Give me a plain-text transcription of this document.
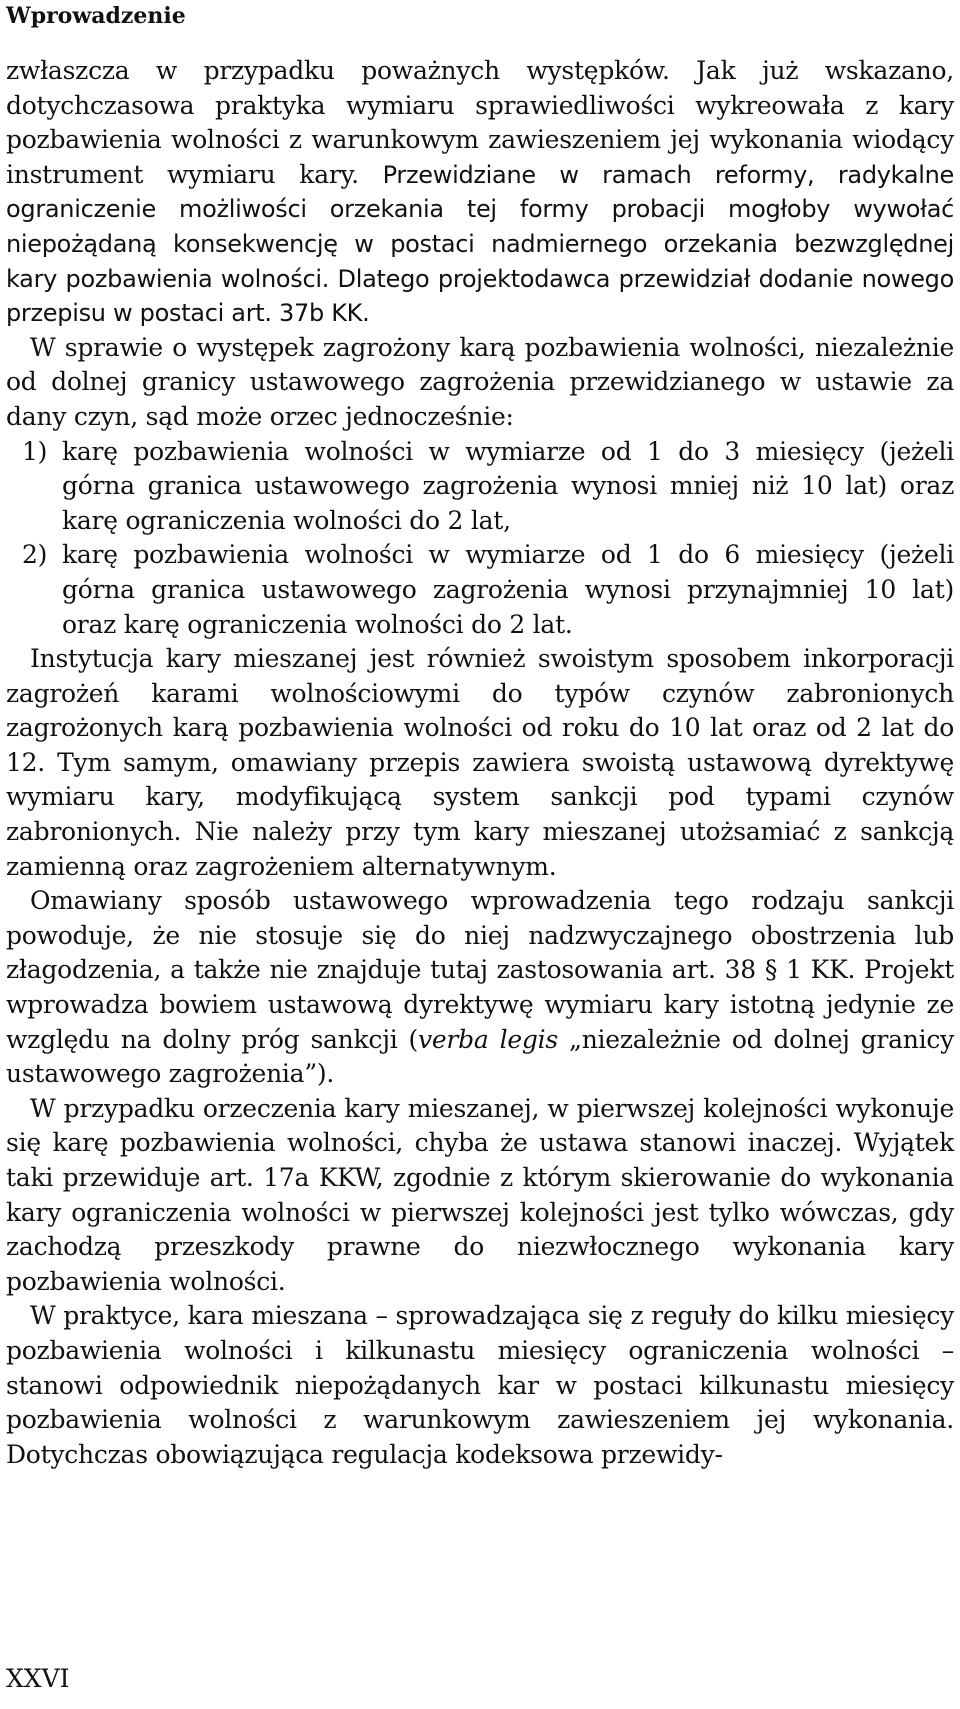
Wprowadzenie

zwłaszcza w przypadku poważnych występków. Jak już wskazano, dotychczasowa praktyka wymiaru sprawiedliwości wykreowała z kary pozbawienia wolności z warunkowym zawieszeniem jej wykonania wiodący instrument wymiaru kary. Przewidziane w ramach reformy, radykalne ograniczenie możliwości orzekania tej formy probacji mogłoby wywołać niepożądaną konsekwencję w postaci nadmiernego orzekania bezwzględnej kary pozbawienia wolności. Dlatego projektodawca przewidział dodanie nowego przepisu w postaci art. 37b KK.

W sprawie o występek zagrożony karą pozbawienia wolności, niezależnie od dolnej granicy ustawowego zagrożenia przewidzianego w ustawie za dany czyn, sąd może orzec jednocześnie:

1) karę pozbawienia wolności w wymiarze od 1 do 3 miesięcy (jeżeli górna granica ustawowego zagrożenia wynosi mniej niż 10 lat) oraz karę ograniczenia wolności do 2 lat,
2) karę pozbawienia wolności w wymiarze od 1 do 6 miesięcy (jeżeli górna granica ustawowego zagrożenia wynosi przynajmniej 10 lat) oraz karę ograniczenia wolności do 2 lat.

Instytucja kary mieszanej jest również swoistym sposobem inkorporacji zagrożeń karami wolnościowymi do typów czynów zabronionych zagrożonych karą pozbawienia wolności od roku do 10 lat oraz od 2 lat do 12. Tym samym, omawiany przepis zawiera swoistą ustawową dyrektywę wymiaru kary, modyfikującą system sankcji pod typami czynów zabronionych. Nie należy przy tym kary mieszanej utożsamiać z sankcją zamienną oraz zagrożeniem alternatywnym.

Omawiany sposób ustawowego wprowadzenia tego rodzaju sankcji powoduje, że nie stosuje się do niej nadzwyczajnego obostrzenia lub złagodzenia, a także nie znajduje tutaj zastosowania art. 38 § 1 KK. Projekt wprowadza bowiem ustawową dyrektywę wymiaru kary istotną jedynie ze względu na dolny próg sankcji (verba legis „niezależnie od dolnej granicy ustawowego zagrożenia”).

W przypadku orzeczenia kary mieszanej, w pierwszej kolejności wykonuje się karę pozbawienia wolności, chyba że ustawa stanowi inaczej. Wyjątek taki przewiduje art. 17a KKW, zgodnie z którym skierowanie do wykonania kary ograniczenia wolności w pierwszej kolejności jest tylko wówczas, gdy zachodzą przeszkody prawne do niezwłocznego wykonania kary pozbawienia wolności.

W praktyce, kara mieszana – sprowadzająca się z reguły do kilku miesięcy pozbawienia wolności i kilkunastu miesięcy ograniczenia wolności – stanowi odpowiednik niepożądanych kar w postaci kilkunastu miesięcy pozbawienia wolności z warunkowym zawieszeniem jej wykonania. Dotychczas obowiązująca regulacja kodeksowa przewidy-

XXVI
